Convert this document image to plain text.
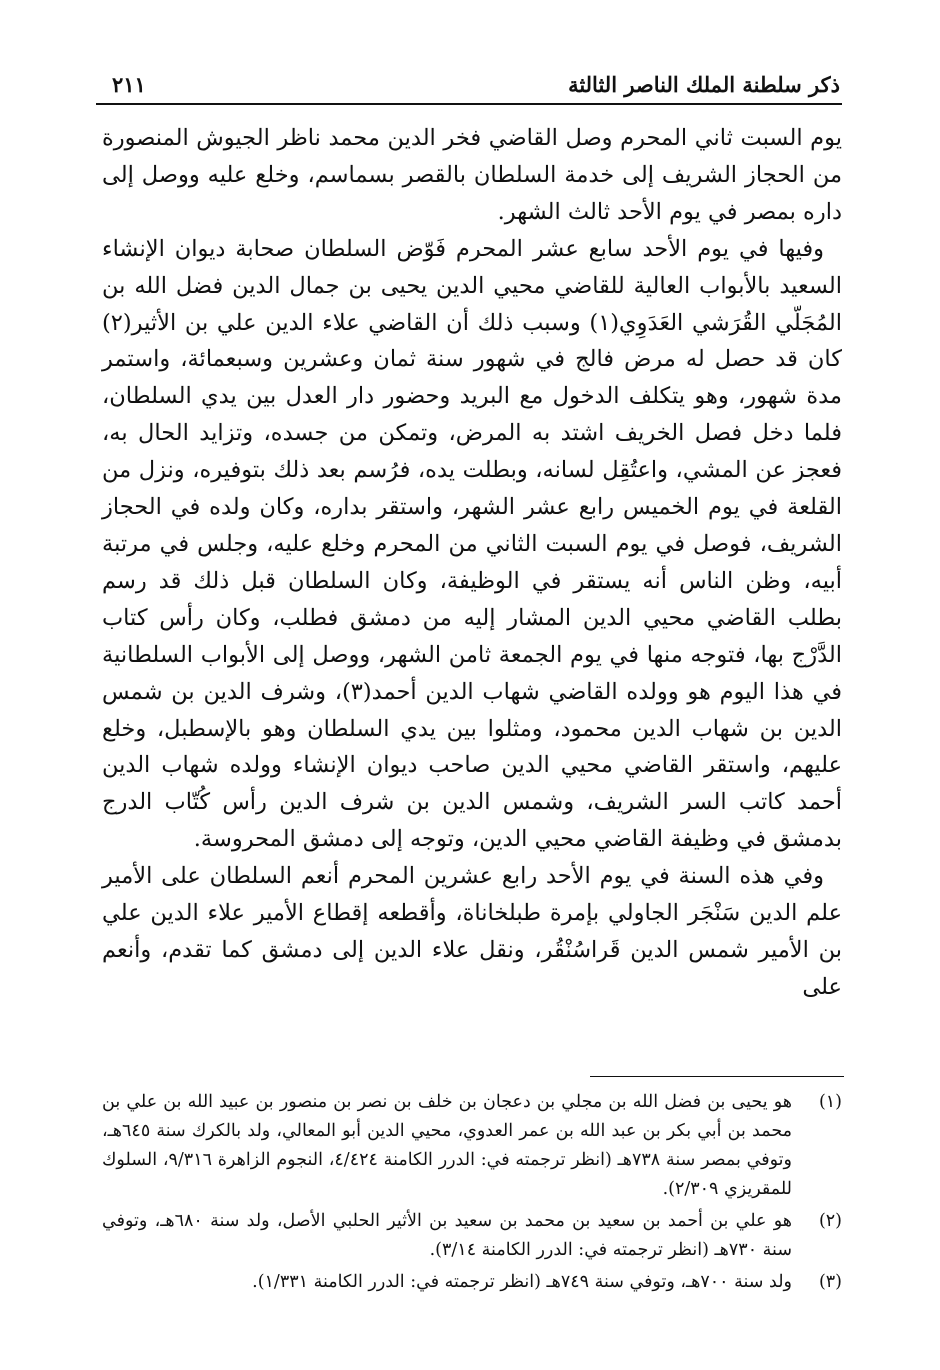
ذكر سلطنة الملك الناصر الثالثة
٢١١

يوم السبت ثاني المحرم وصل القاضي فخر الدين محمد ناظر الجيوش المنصورة من الحجاز الشريف إلى خدمة السلطان بالقصر بسماسم، وخلع عليه ووصل إلى داره بمصر في يوم الأحد ثالث الشهر.

وفيها في يوم الأحد سابع عشر المحرم فَوّض السلطان صحابة ديوان الإنشاء السعيد بالأبواب العالية للقاضي محيي الدين يحيى بن جمال الدين فضل الله بن المُجَلّي القُرَشي العَدَوِي(١) وسبب ذلك أن القاضي علاء الدين علي بن الأثير(٢) كان قد حصل له مرض فالج في شهور سنة ثمان وعشرين وسبعمائة، واستمر مدة شهور، وهو يتكلف الدخول مع البريد وحضور دار العدل بين يدي السلطان، فلما دخل فصل الخريف اشتد به المرض، وتمكن من جسده، وتزايد الحال به، فعجز عن المشي، واعتُقِل لسانه، وبطلت يده، فرُسم بعد ذلك بتوفيره، ونزل من القلعة في يوم الخميس رابع عشر الشهر، واستقر بداره، وكان ولده في الحجاز الشريف، فوصل في يوم السبت الثاني من المحرم وخلع عليه، وجلس في مرتبة أبيه، وظن الناس أنه يستقر في الوظيفة، وكان السلطان قبل ذلك قد رسم بطلب القاضي محيي الدين المشار إليه من دمشق فطلب، وكان رأس كتاب الدَّرْج بها، فتوجه منها في يوم الجمعة ثامن الشهر، ووصل إلى الأبواب السلطانية في هذا اليوم هو وولده القاضي شهاب الدين أحمد(٣)، وشرف الدين بن شمس الدين بن شهاب الدين محمود، ومثلوا بين يدي السلطان وهو بالإسطبل، وخلع عليهم، واستقر القاضي محيي الدين صاحب ديوان الإنشاء وولده شهاب الدين أحمد كاتب السر الشريف، وشمس الدين بن شرف الدين رأس كُتّاب الدرج بدمشق في وظيفة القاضي محيي الدين، وتوجه إلى دمشق المحروسة.

وفي هذه السنة في يوم الأحد رابع عشرين المحرم أنعم السلطان على الأمير علم الدين سَنْجَر الجاولي بإمرة طبلخاناة، وأقطعه إقطاع الأمير علاء الدين علي بن الأمير شمس الدين قَراسُنْقُر، ونقل علاء الدين إلى دمشق كما تقدم، وأنعم على

(١)
هو يحيى بن فضل الله بن مجلي بن دعجان بن خلف بن نصر بن منصور بن عبيد الله بن علي بن محمد بن أبي بكر بن عبد الله بن عمر العدوي، محيي الدين أبو المعالي، ولد بالكرك سنة ٦٤٥هـ، وتوفي بمصر سنة ٧٣٨هـ (انظر ترجمته في: الدرر الكامنة ٤/٤٢٤، النجوم الزاهرة ٩/٣١٦، السلوك للمقريزي ٢/٣٠٩).
(٢)
هو علي بن أحمد بن سعيد بن محمد بن سعيد بن الأثير الحلبي الأصل، ولد سنة ٦٨٠هـ، وتوفي سنة ٧٣٠هـ (انظر ترجمته في: الدرر الكامنة ٣/١٤).
(٣)
ولد سنة ٧٠٠هـ، وتوفي سنة ٧٤٩هـ (انظر ترجمته في: الدرر الكامنة ١/٣٣١).
